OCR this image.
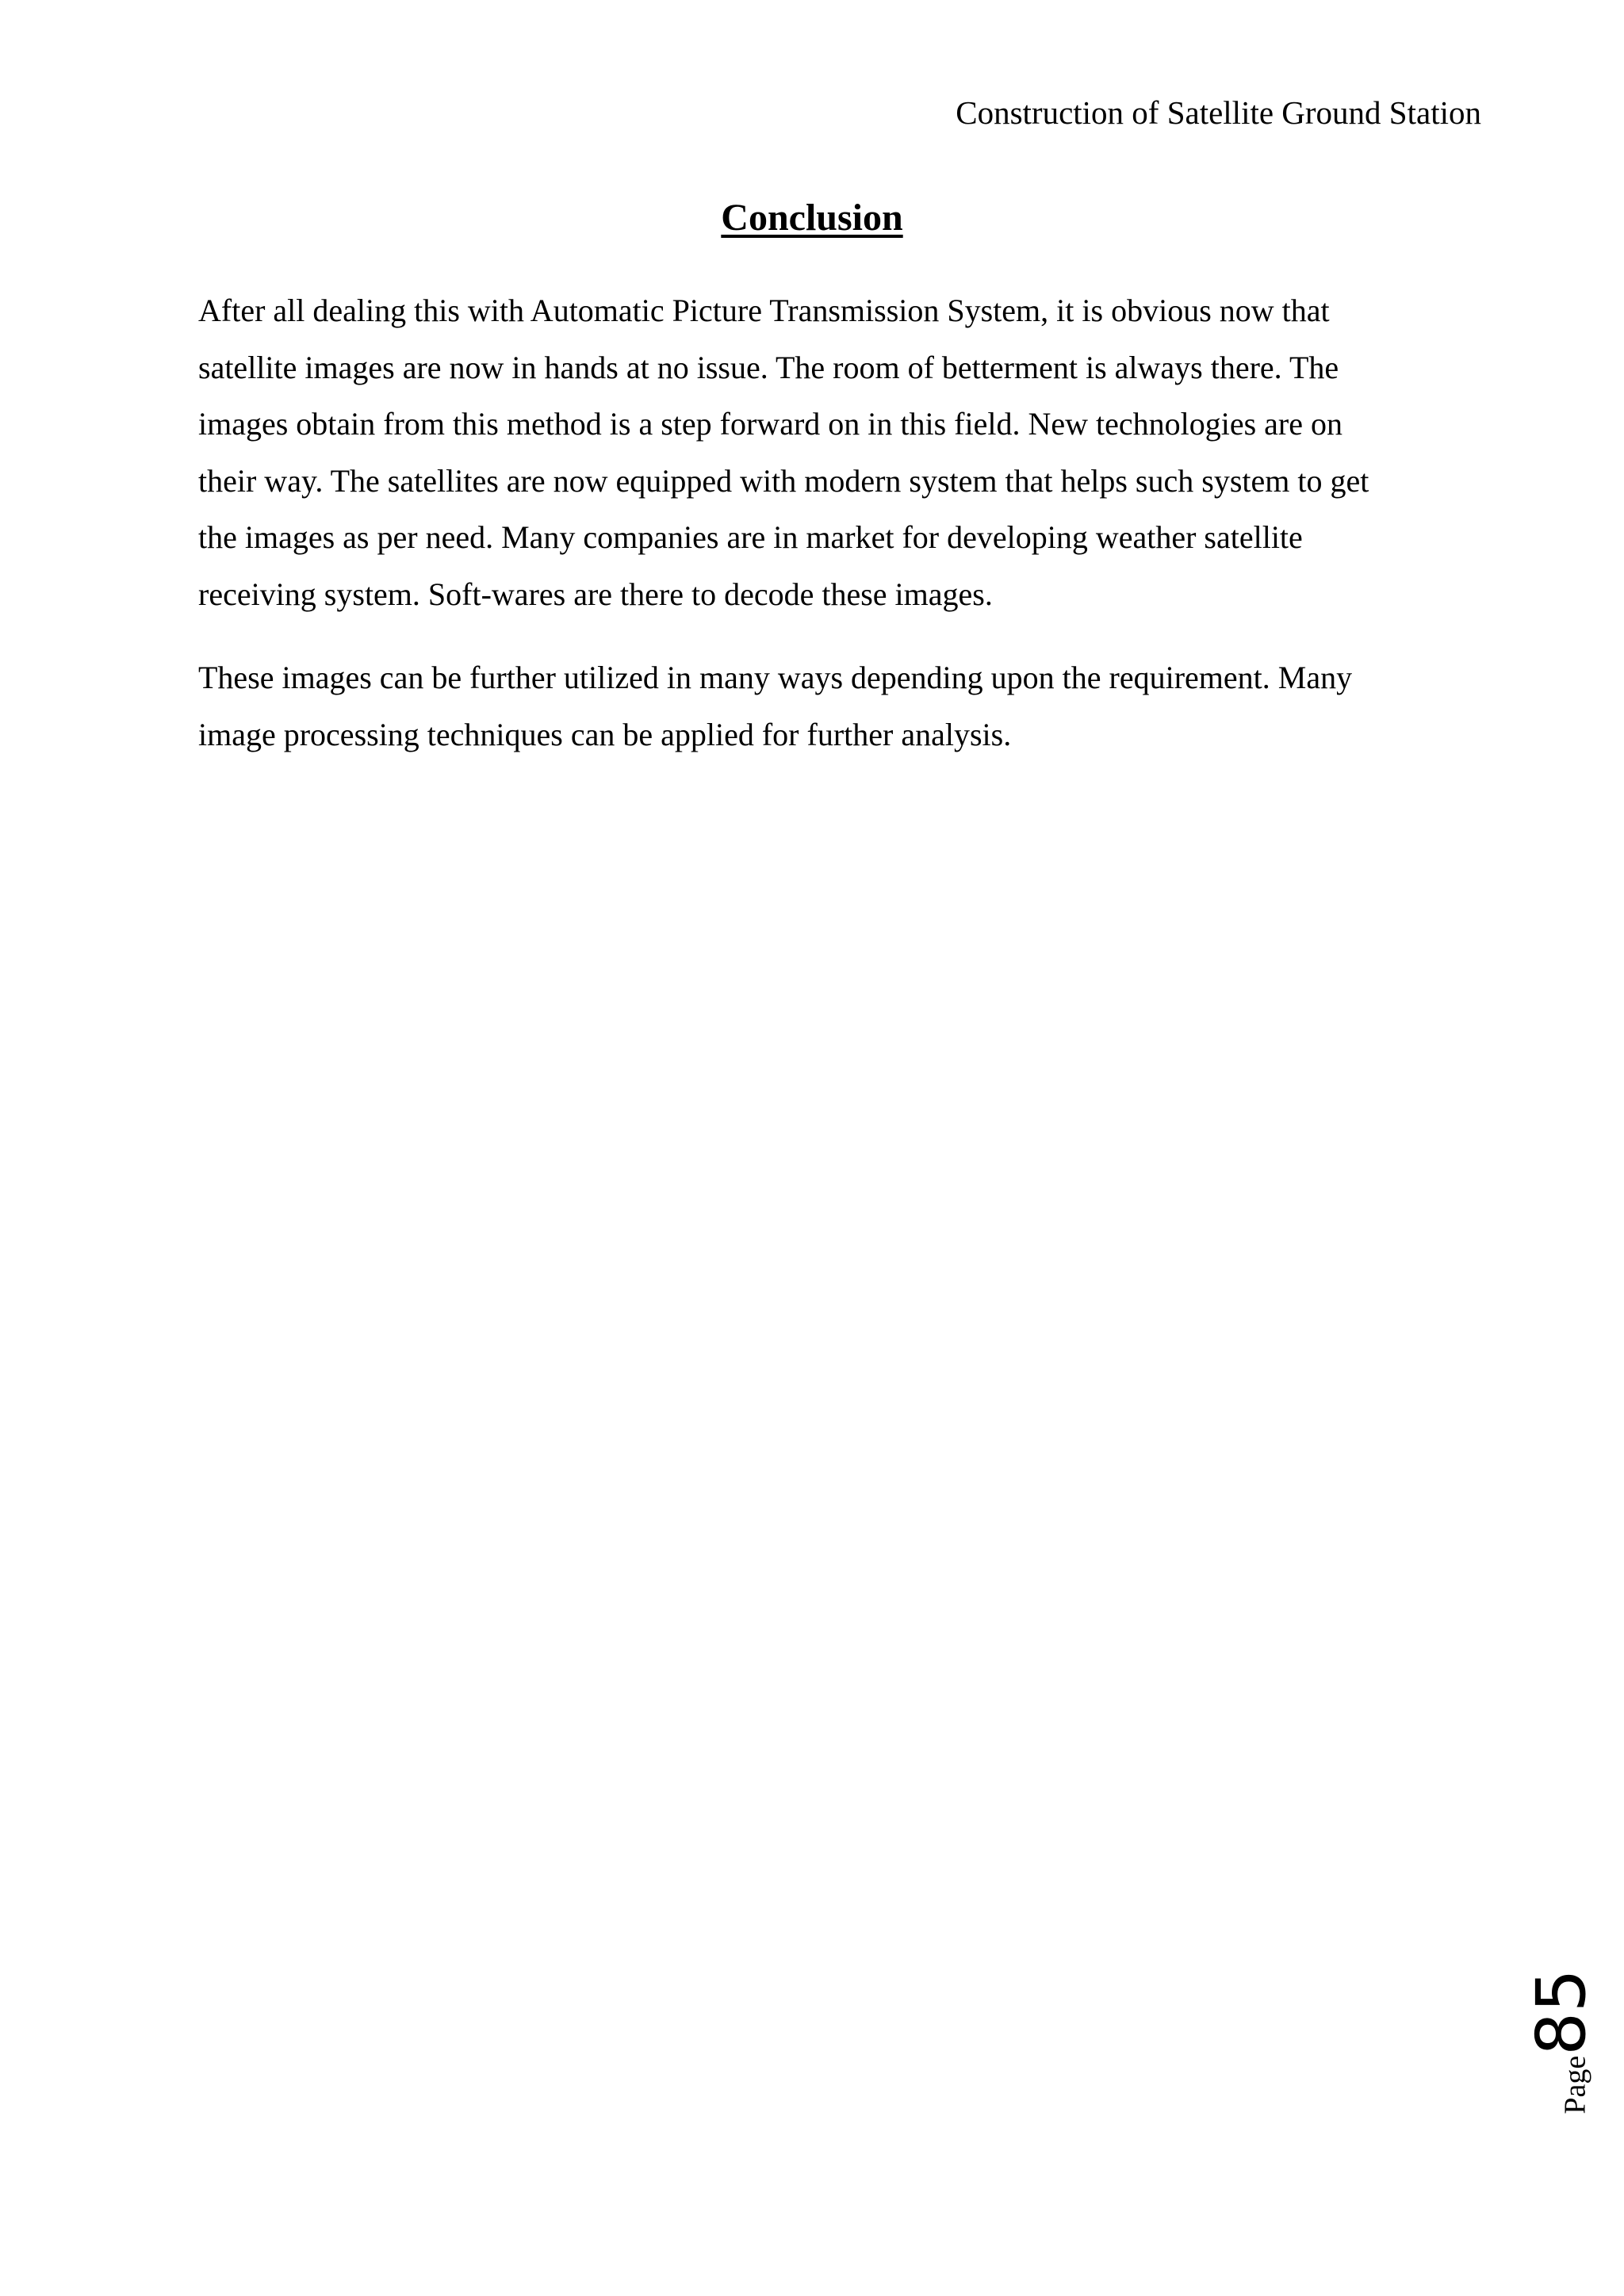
Construction of Satellite Ground Station
Conclusion

After all dealing this with Automatic Picture Transmission System, it is obvious now that
satellite images are now in hands at no issue. The room of betterment is always there. The
images obtain from this method is a step forward on in this field. New technologies are on
their way. The satellites are now equipped with modern system that helps such system to get
the images as per need. Many companies are in market for developing weather satellite
receiving system. Soft-wares are there to decode these images.

These images can be further utilized in many ways depending upon the requirement. Many
image processing techniques can be applied for further analysis.

Page
85
